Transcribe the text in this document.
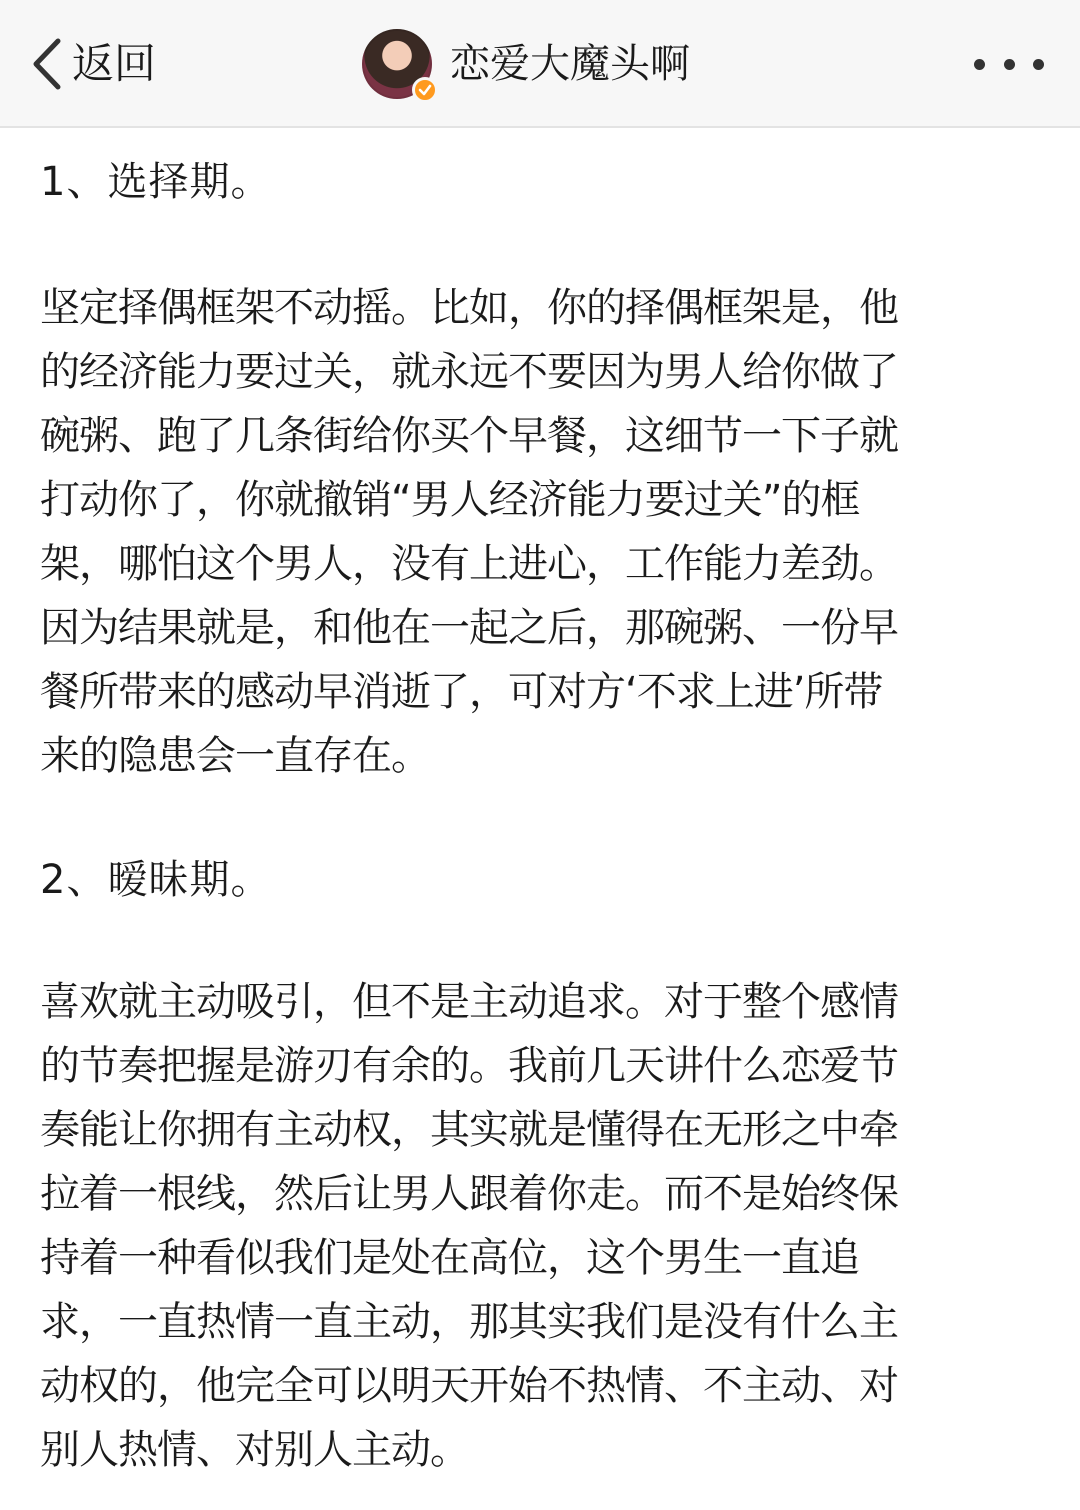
返回	恋爱大魔头啊
1、选择期。
坚定择偶框架不动摇。比如，你的择偶框架是，他
的经济能力要过关，就永远不要因为男人给你做了
碗粥、跑了几条街给你买个早餐，这细节一下子就
打动你了，你就撤销“男人经济能力要过关”的框
架，哪怕这个男人，没有上进心，工作能力差劲。
因为结果就是，和他在一起之后，那碗粥、一份早
餐所带来的感动早消逝了，可对方‘不求上进’所带
来的隐患会一直存在。
2、暧昧期。
喜欢就主动吸引，但不是主动追求。对于整个感情
的节奏把握是游刃有余的。我前几天讲什么恋爱节
奏能让你拥有主动权，其实就是懂得在无形之中牵
拉着一根线，然后让男人跟着你走。而不是始终保
持着一种看似我们是处在高位，这个男生一直追
求，一直热情一直主动，那其实我们是没有什么主
动权的，他完全可以明天开始不热情、不主动、对
别人热情、对别人主动。
